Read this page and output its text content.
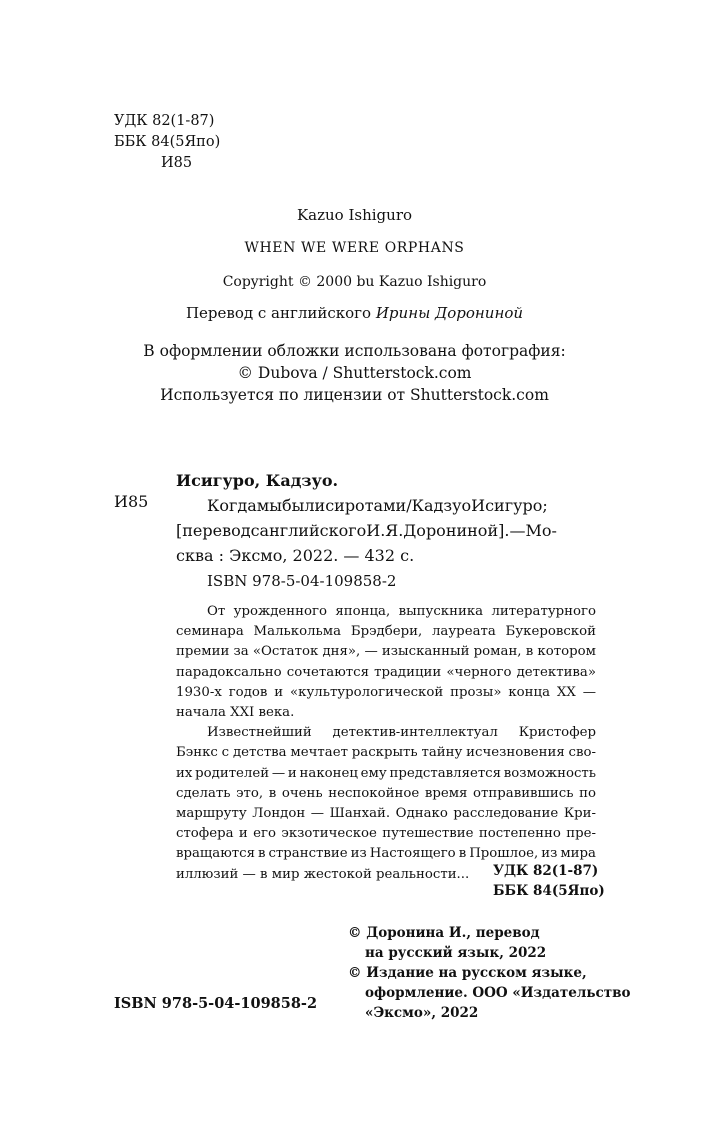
УДК 82(1-87)
ББК 84(5Япо)
И85
Kazuo Ishiguro
WHEN WE WERE ORPHANS
Copyright © 2000 bu Kazuo Ishiguro
Перевод с английского Ирины Дорониной
В оформлении обложки использована фотография:
© Dubova / Shutterstock.com
Используется по лицензии от Shutterstock.com
И85
Исигуро, Кадзуо.
Когдамыбылисиротами/КадзуоИсигуро;
[переводсанглийскогоИ.Я.Дорониной].—Мо-
сква : Эксмо, 2022. — 432 с.
ISBN 978-5-04-109858-2
От урожденного японца, выпускника литературного
семинара Малькольма Брэдбери, лауреата Букеровской
премии за «Остаток дня», — изысканный роман, в котором
парадоксально сочетаются традиции «черного детектива»
1930-х годов и «культурологической прозы» конца XX —
начала XXI века.
Известнейший детектив-интеллектуал Кристофер
Бэнкс с детства мечтает раскрыть тайну исчезновения сво-
их родителей — и наконец ему представляется возможность
сделать это, в очень неспокойное время отправившись по
маршруту Лондон — Шанхай. Однако расследование Кри-
стофера и его экзотическое путешествие постепенно пре-
вращаются в странствие из Настоящего в Прошлое, из мира
иллюзий — в мир жестокой реальности...	УДК 82(1-87)
ББК 84(5Япо)
© Доронина И., перевод
на русский язык, 2022
© Издание на русском языке,
оформление. ООО «Издательство
«Эксмо», 2022
ISBN 978-5-04-109858-2
